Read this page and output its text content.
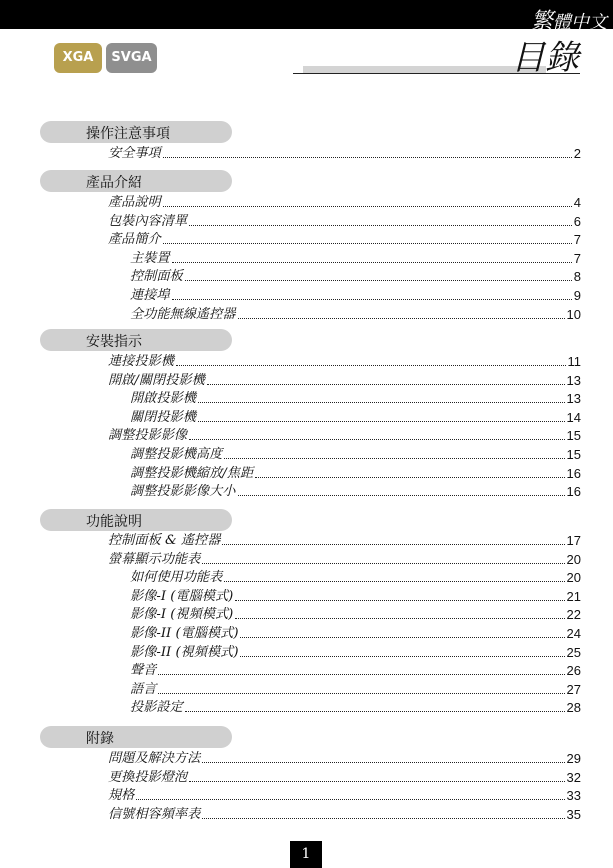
繁體中文
XGA	SVGA	目錄
操作注意事項
安全事項	2
產品介紹
產品說明	4
包裝內容清單	6
產品簡介	7
主裝置	7
控制面板	8
連接埠	9
全功能無線遙控器	10
安裝指示
連接投影機	11
開啟/關閉投影機	13
開啟投影機	13
關閉投影機	14
調整投影影像	15
調整投影機高度	15
調整投影機縮放/焦距	16
調整投影影像大小	16
功能說明
控制面板 & 遙控器	17
螢幕顯示功能表	20
如何使用功能表	20
影像-I (電腦模式)	21
影像-I (視頻模式)	22
影像-II (電腦模式)	24
影像-II (視頻模式)	25
聲音	26
語言	27
投影設定	28
附錄
問題及解決方法	29
更換投影燈泡	32
規格	33
信號相容頻率表	35
1
